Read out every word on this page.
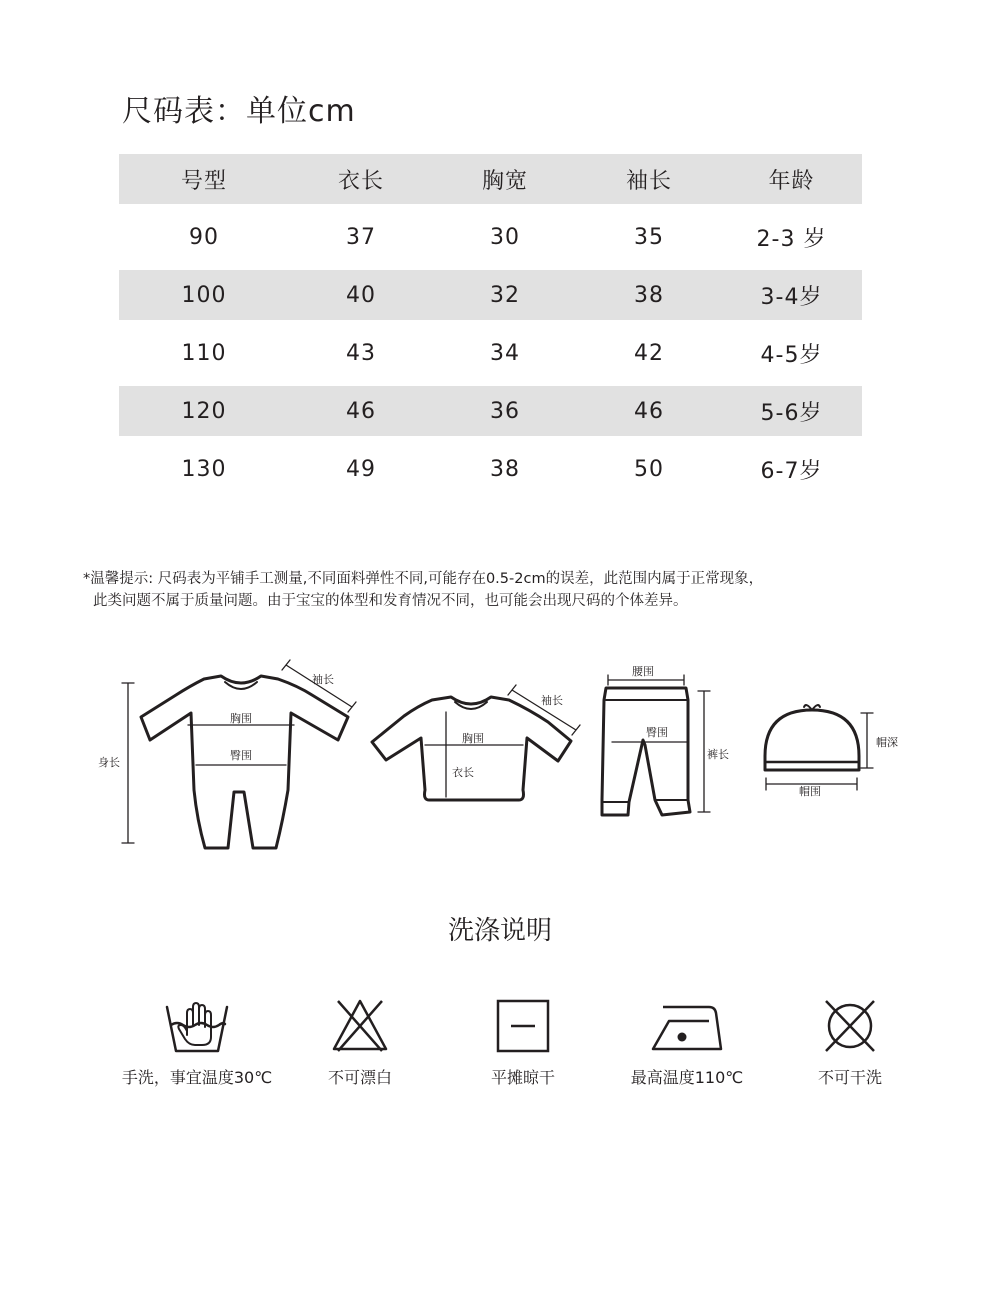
尺码表：单位cm
号型	衣长	胸宽	袖长	年龄
90	37	30	35	2-3 岁
100	40	32	38	3-4岁
110	43	34	42	4-5岁
120	46	36	46	5-6岁
130	49	38	50	6-7岁

*温馨提示: 尺码表为平铺手工测量,不同面料弹性不同,可能存在0.5-2cm的误差，此范围内属于正常现象，

此类问题不属于质量问题。由于宝宝的体型和发育情况不同，也可能会出现尺码的个体差异。

袖长
胸围
臀围
身长
袖长
胸围
衣长
腰围
臀围
裤长
帽深
帽围
洗涤说明
手洗，事宜温度30℃	不可漂白	平摊晾干	最高温度110℃	不可干洗
